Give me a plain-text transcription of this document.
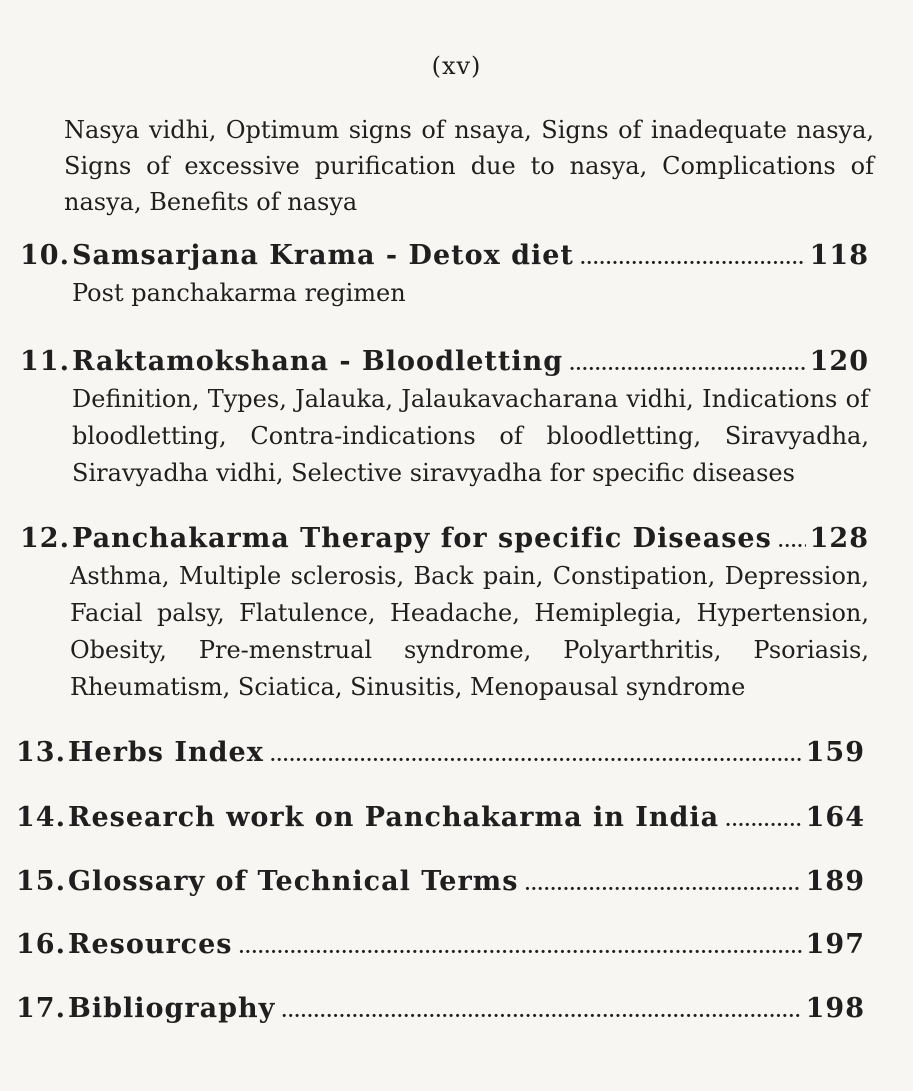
(xv)
Nasya vidhi, Optimum signs of nsaya, Signs of inadequate nasya, Signs of excessive purification due to nasya, Complications of nasya, Benefits of nasya
10. Samsarjana Krama - Detox diet .....	118
Post panchakarma regimen
11. Raktamokshana - Bloodletting .....	120
Definition, Types, Jalauka, Jalaukavacharana vidhi, Indications of bloodletting, Contra-indications of bloodletting, Siravyadha, Siravyadha vidhi, Selective siravyadha for specific diseases
12. Panchakarma Therapy for specific Diseases ..... 128
Asthma, Multiple sclerosis, Back pain, Constipation, Depression, Facial palsy, Flatulence, Headache, Hemiplegia, Hypertension, Obesity, Pre-menstrual syndrome, Polyarthritis, Psoriasis, Rheumatism, Sciatica, Sinusitis, Menopausal syndrome
13. Herbs Index .....	159
14. Research work on Panchakarma in India .....	164
15. Glossary of Technical Terms .....	189
16. Resources .....	197
17. Bibliography .....	198
